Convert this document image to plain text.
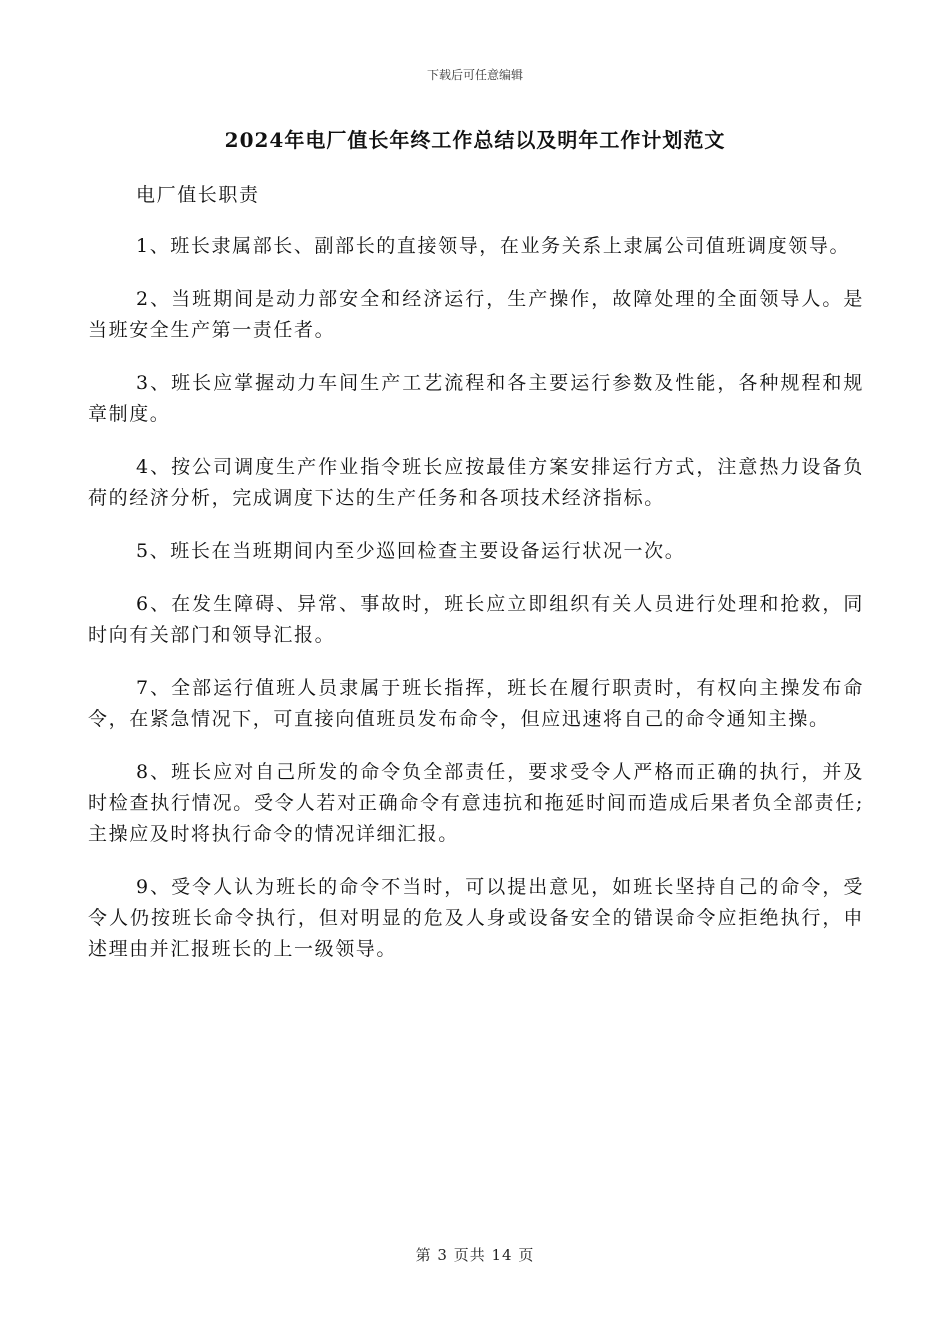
下载后可任意编辑
2024年电厂值长年终工作总结以及明年工作计划范文

电厂值长职责

1、班长隶属部长、副部长的直接领导，在业务关系上隶属公司值班调度领导。

2、当班期间是动力部安全和经济运行，生产操作，故障处理的全面领导人。是当班安全生产第一责任者。

3、班长应掌握动力车间生产工艺流程和各主要运行参数及性能，各种规程和规章制度。

4、按公司调度生产作业指令班长应按最佳方案安排运行方式，注意热力设备负荷的经济分析，完成调度下达的生产任务和各项技术经济指标。

5、班长在当班期间内至少巡回检查主要设备运行状况一次。

6、在发生障碍、异常、事故时，班长应立即组织有关人员进行处理和抢救，同时向有关部门和领导汇报。

7、全部运行值班人员隶属于班长指挥，班长在履行职责时，有权向主操发布命令，在紧急情况下，可直接向值班员发布命令，但应迅速将自己的命令通知主操。

8、班长应对自己所发的命令负全部责任，要求受令人严格而正确的执行，并及时检查执行情况。受令人若对正确命令有意违抗和拖延时间而造成后果者负全部责任;主操应及时将执行命令的情况详细汇报。

9、受令人认为班长的命令不当时，可以提出意见，如班长坚持自己的命令，受令人仍按班长命令执行，但对明显的危及人身或设备安全的错误命令应拒绝执行，申述理由并汇报班长的上一级领导。

第 3 页共 14 页
